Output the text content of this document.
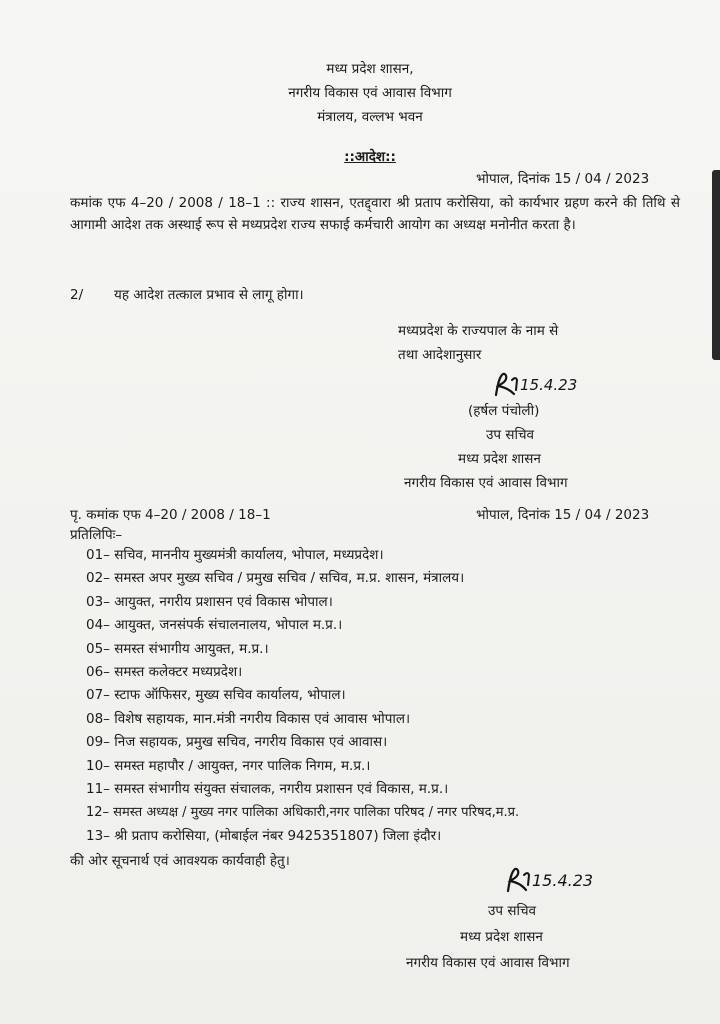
मध्य प्रदेश शासन,
नगरीय विकास एवं आवास विभाग
मंत्रालय, वल्लभ भवन
::आदेश::
भोपाल, दिनांक 15 / 04 / 2023
कमांक एफ 4–20 / 2008 / 18–1 :: राज्य शासन, एतद्द्वारा श्री प्रताप करोसिया, को कार्यभार ग्रहण करने की तिथि से आगामी आदेश तक अस्थाई रूप से मध्यप्रदेश राज्य सफाई कर्मचारी आयोग का अध्यक्ष मनोनीत करता है।
2/ यह आदेश तत्काल प्रभाव से लागू होगा।
मध्यप्रदेश के राज्यपाल के नाम से
तथा आदेशानुसार
15.4.23
(हर्षल पंचोली)
उप सचिव
मध्य प्रदेश शासन
नगरीय विकास एवं आवास विभाग
पृ. कमांक एफ 4–20 / 2008 / 18–1	भोपाल, दिनांक 15 / 04 / 2023
प्रतिलिपिः–
01– सचिव, माननीय मुख्यमंत्री कार्यालय, भोपाल, मध्यप्रदेश।
02– समस्त अपर मुख्य सचिव / प्रमुख सचिव / सचिव, म.प्र. शासन, मंत्रालय।
03– आयुक्त, नगरीय प्रशासन एवं विकास भोपाल।
04– आयुक्त, जनसंपर्क संचालनालय, भोपाल म.प्र.।
05– समस्त संभागीय आयुक्त, म.प्र.।
06– समस्त कलेक्टर मध्यप्रदेश।
07– स्टाफ ऑफिसर, मुख्य सचिव कार्यालय, भोपाल।
08– विशेष सहायक, मान.मंत्री नगरीय विकास एवं आवास भोपाल।
09– निज सहायक, प्रमुख सचिव, नगरीय विकास एवं आवास।
10– समस्त महापौर / आयुक्त, नगर पालिक निगम, म.प्र.।
11– समस्त संभागीय संयुक्त संचालक, नगरीय प्रशासन एवं विकास, म.प्र.।
12– समस्त अध्यक्ष / मुख्य नगर पालिका अधिकारी,नगर पालिका परिषद / नगर परिषद,म.प्र.
13– श्री प्रताप करोसिया, (मोबाईल नंबर 9425351807) जिला इंदौर।
की ओर सूचनार्थ एवं आवश्यक कार्यवाही हेतु।
15.4.23
उप सचिव
मध्य प्रदेश शासन
नगरीय विकास एवं आवास विभाग
